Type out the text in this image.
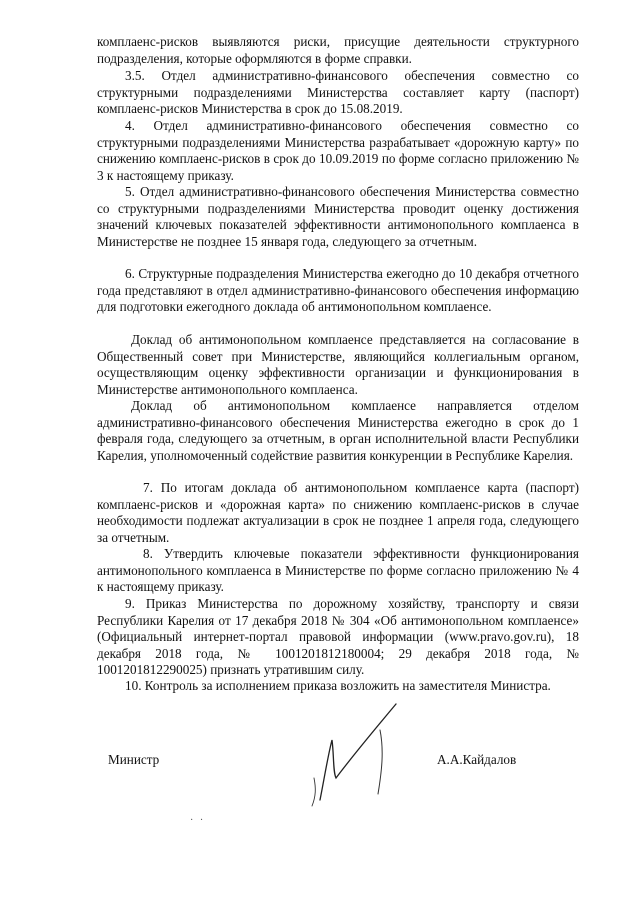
комплаенс-рисков выявляются риски, присущие деятельности структурного подразделения, которые оформляются в форме справки.

3.5. Отдел административно-финансового обеспечения совместно со структурными подразделениями Министерства составляет карту (паспорт) комплаенс-рисков Министерства в срок до 15.08.2019.

4. Отдел административно-финансового обеспечения совместно со структурными подразделениями Министерства разрабатывает «дорожную карту» по снижению комплаенс-рисков в срок до 10.09.2019 по форме согласно приложению № 3 к настоящему приказу.

5. Отдел административно-финансового обеспечения Министерства совместно со структурными подразделениями Министерства проводит оценку достижения значений ключевых показателей эффективности антимонопольного комплаенса в Министерстве не позднее 15 января года, следующего за отчетным.

6. Структурные подразделения Министерства ежегодно до 10 декабря отчетного года представляют в отдел административно-финансового обеспечения информацию для подготовки ежегодного доклада об антимонопольном комплаенсе.

Доклад об антимонопольном комплаенсе представляется на согласование в Общественный совет при Министерстве, являющийся коллегиальным органом, осуществляющим оценку эффективности организации и функционирования в Министерстве антимонопольного комплаенса.

Доклад об антимонопольном комплаенсе направляется отделом административно-финансового обеспечения Министерства ежегодно в срок до 1 февраля года, следующего за отчетным, в орган исполнительной власти Республики Карелия, уполномоченный содействие развития конкуренции в Республике Карелия.

7. По итогам доклада об антимонопольном комплаенсе карта (паспорт) комплаенс-рисков и «дорожная карта» по снижению комплаенс-рисков в случае необходимости подлежат актуализации в срок не позднее 1 апреля года, следующего за отчетным.

8. Утвердить ключевые показатели эффективности функционирования антимонопольного комплаенса в Министерстве по форме согласно приложению № 4 к настоящему приказу.

9. Приказ Министерства по дорожному хозяйству, транспорту и связи Республики Карелия от 17 декабря 2018 № 304 «Об антимонопольном комплаенсе» (Официальный интернет-портал правовой информации (www.pravo.gov.ru), 18 декабря 2018 года, № 1001201812180004; 29 декабря 2018 года, № 1001201812290025) признать утратившим силу.

10. Контроль за исполнением приказа возложить на заместителя Министра.

Министр	А.А.Кайдалов
· ·
